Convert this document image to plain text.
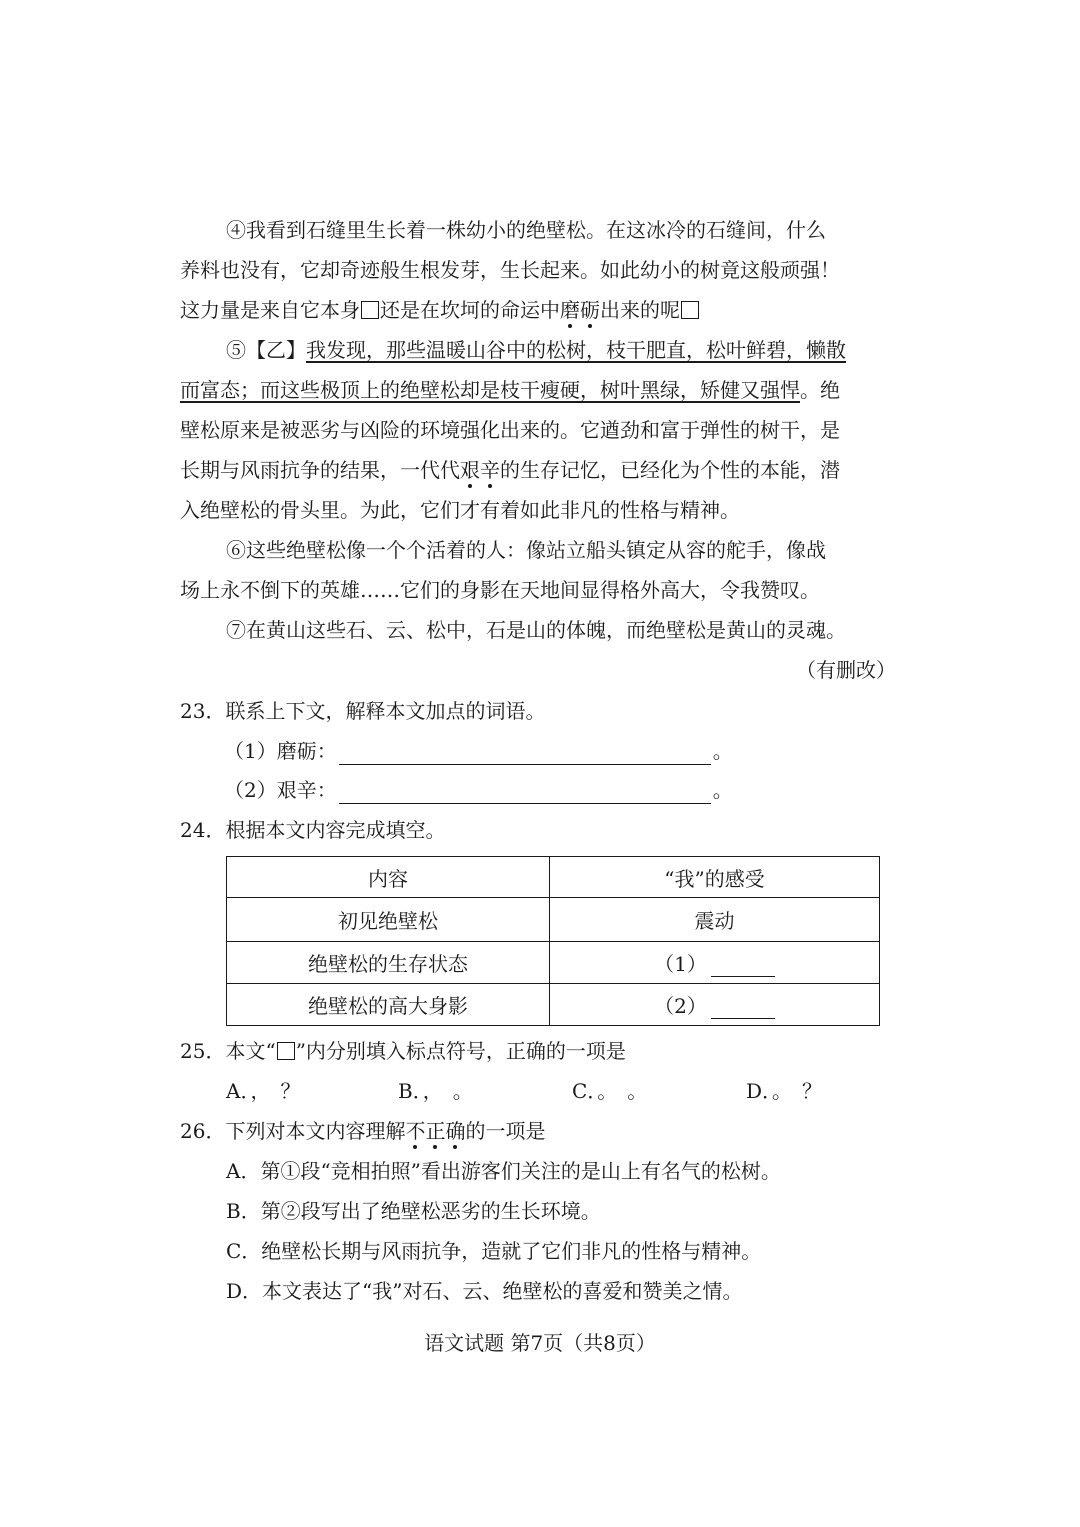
④我看到石缝里生长着一株幼小的绝壁松。在这冰冷的石缝间，什么
养料也没有，它却奇迹般生根发芽，生长起来。如此幼小的树竟这般顽强！
这力量是来自它本身 还是在坎坷的命运中磨砺出来的呢
⑤【乙】我发现，那些温暖山谷中的松树，枝干肥直，松叶鲜碧，懒散
而富态；而这些极顶上的绝壁松却是枝干瘦硬，树叶黑绿，矫健又强悍。绝
壁松原来是被恶劣与凶险的环境强化出来的。它遒劲和富于弹性的树干，是
长期与风雨抗争的结果，一代代艰辛的生存记忆，已经化为个性的本能，潜
入绝壁松的骨头里。为此，它们才有着如此非凡的性格与精神。
⑥这些绝壁松像一个个活着的人：像站立船头镇定从容的舵手，像战
场上永不倒下的英雄……它们的身影在天地间显得格外高大，令我赞叹。
⑦在黄山这些石、云、松中，石是山的体魄，而绝壁松是黄山的灵魂。
（有删改）
23．联系上下文，解释本文加点的词语。
（1）磨砺：	。
（2）艰辛：	。
24．根据本文内容完成填空。
内容	“我”的感受
初见绝壁松	震动
绝壁松的生存状态	（1）
绝壁松的高大身影	（2）
25．本文“ ”内分别填入标点符号，正确的一项是
A．，　？	B．，　。	C．。　。	D．。　？
26．下列对本文内容理解不正确的一项是
A．第①段“竞相拍照”看出游客们关注的是山上有名气的松树。
B．第②段写出了绝壁松恶劣的生长环境。
C．绝壁松长期与风雨抗争，造就了它们非凡的性格与精神。
D．本文表达了“我”对石、云、绝壁松的喜爱和赞美之情。
语文试题 第7页（共8页）
